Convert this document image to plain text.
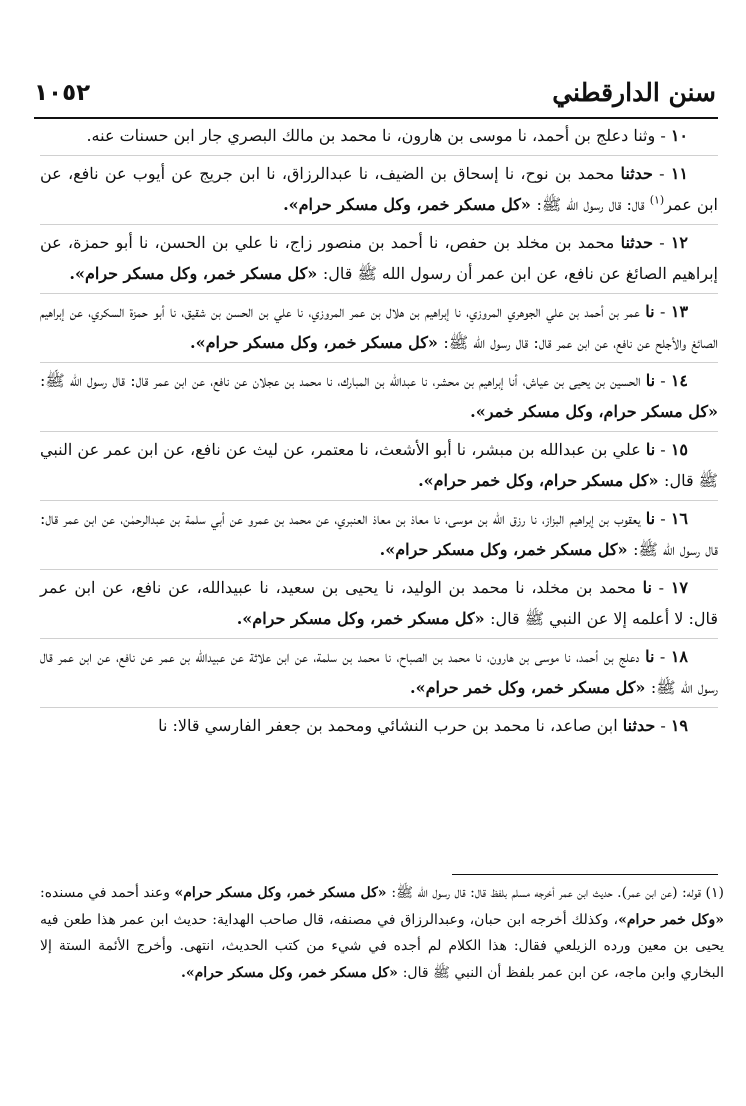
سنن الدارقطني
١٠٥٢

١٠ - وثنا دعلج بن أحمد، نا موسى بن هارون، نا محمد بن مالك البصري جار ابن حسنات عنه.

١١ - حدثنا محمد بن نوح، نا إسحاق بن الضيف، نا عبدالرزاق، نا ابن جريج عن أيوب عن نافع، عن ابن عمر$^{(١)}$ قال: قال رسول الله ﷺ: «كل مسكر خمر، وكل مسكر حرام».

١٢ - حدثنا محمد بن مخلد بن حفص، نا أحمد بن منصور زاج، نا علي بن الحسن، نا أبو حمزة، عن إبراهيم الصائغ عن نافع، عن ابن عمر أن رسول الله ﷺ قال: «كل مسكر خمر، وكل مسكر حرام».

١٣ - نا عمر بن أحمد بن علي الجوهري المروزي، نا إبراهيم بن هلال بن عمر المروزي، نا علي بن الحسن بن شقيق، نا أبو حمزة السكري، عن إبراهيم الصائغ والأجلح عن نافع، عن ابن عمر قال: قال رسول الله ﷺ: «كل مسكر خمر، وكل مسكر حرام».

١٤ - نا الحسين بن يحيى بن عياش، أنا إبراهيم بن محشر، نا عبدالله بن المبارك، نا محمد بن عجلان عن نافع، عن ابن عمر قال: قال رسول الله ﷺ: «كل مسكر حرام، وكل مسكر خمر».

١٥ - نا علي بن عبدالله بن مبشر، نا أبو الأشعث، نا معتمر، عن ليث عن نافع، عن ابن عمر عن النبي ﷺ قال: «كل مسكر حرام، وكل خمر حرام».

١٦ - نا يعقوب بن إبراهيم البزاز، نا رزق الله بن موسى، نا معاذ بن معاذ العنبري، عن محمد بن عمرو عن أبي سلمة بن عبدالرحمٰن، عن ابن عمر قال: قال رسول الله ﷺ: «كل مسكر خمر، وكل مسكر حرام».

١٧ - نا محمد بن مخلد، نا محمد بن الوليد، نا يحيى بن سعيد، نا عبيدالله، عن نافع، عن ابن عمر قال: لا أعلمه إلا عن النبي ﷺ قال: «كل مسكر خمر، وكل مسكر حرام».

١٨ - نا دعلج بن أحمد، نا موسى بن هارون، نا محمد بن الصباح، نا محمد بن سلمة، عن ابن علاثة عن عبيدالله بن عمر عن نافع، عن ابن عمر قال رسول الله ﷺ: «كل مسكر خمر، وكل خمر حرام».

١٩ - حدثنا ابن صاعد، نا محمد بن حرب النشائي ومحمد بن جعفر الفارسي قالا: نا

(١) قوله: (عن ابن عمر). حديث ابن عمر أخرجه مسلم بلفظ قال: قال رسول الله ﷺ: «كل مسكر خمر، وكل مسكر حرام» وعند أحمد في مسنده: «وكل خمر حرام»، وكذلك أخرجه ابن حبان، وعبدالرزاق في مصنفه، قال صاحب الهداية: حديث ابن عمر هذا طعن فيه يحيى بن معين ورده الزيلعي فقال: هذا الكلام لم أجده في شيء من كتب الحديث، انتهى. وأخرج الأئمة الستة إلا البخاري وابن ماجه، عن ابن عمر بلفظ أن النبي ﷺ قال: «كل مسكر خمر، وكل مسكر حرام».
